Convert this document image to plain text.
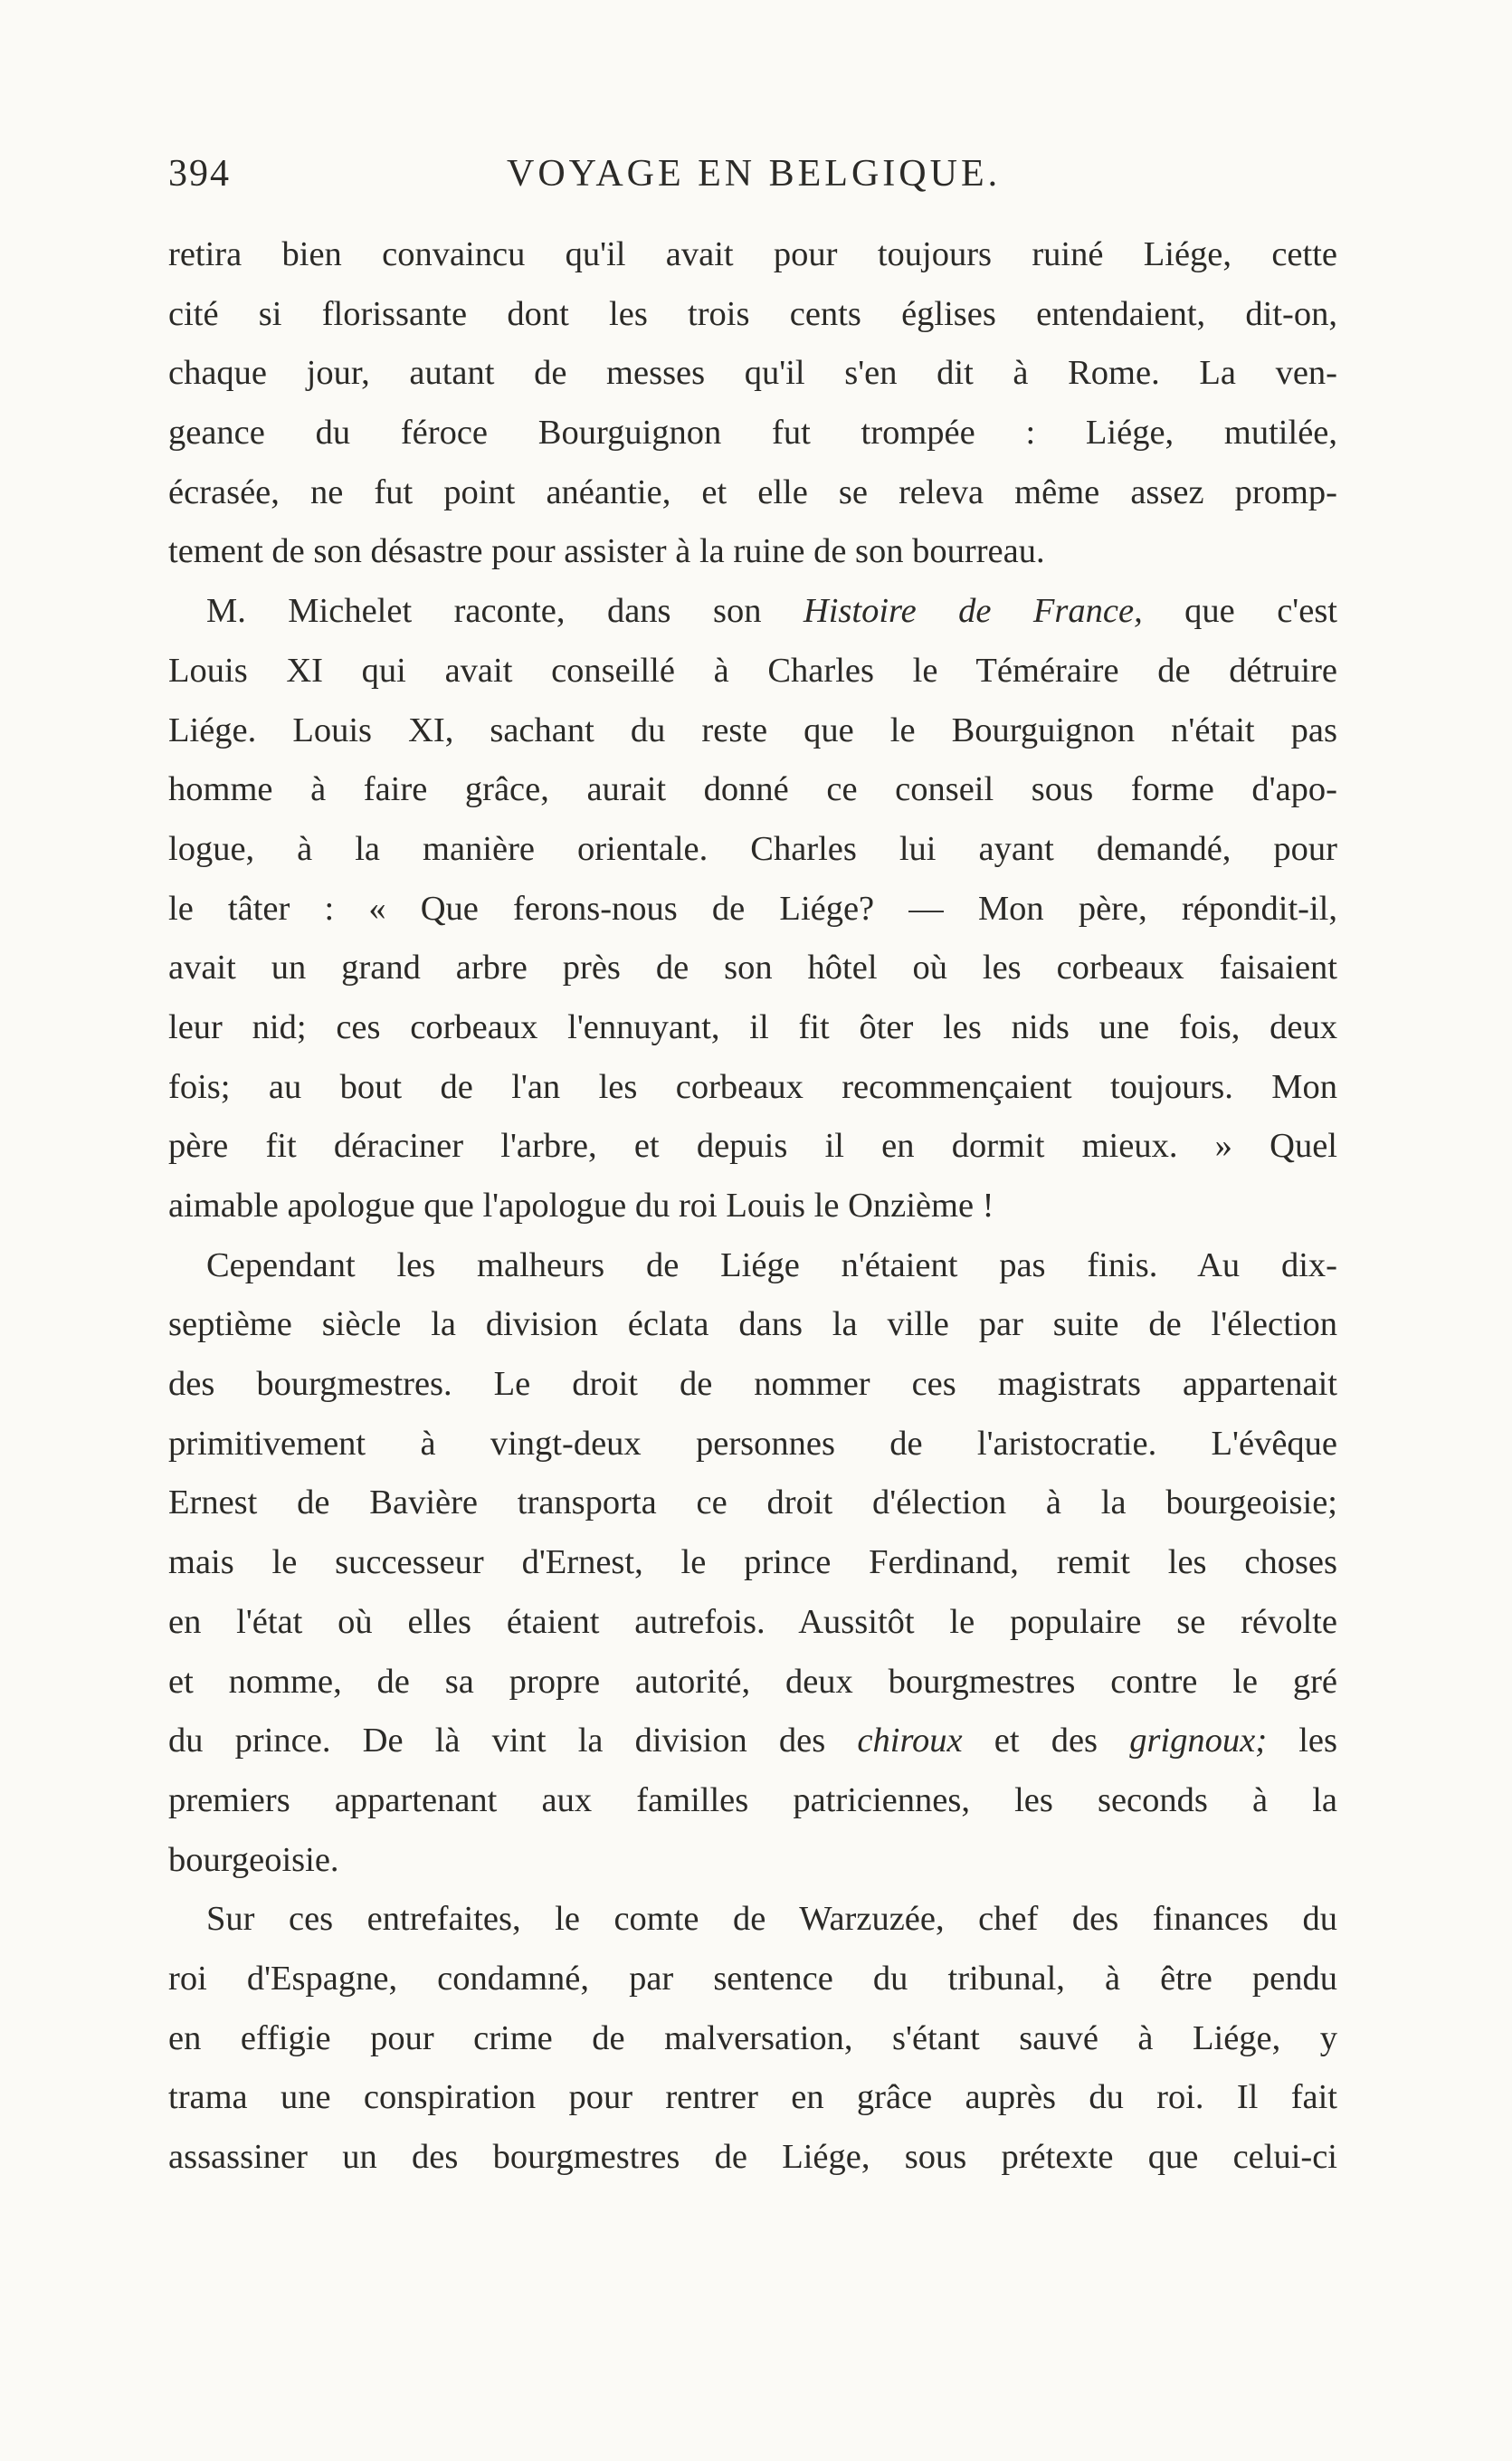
394	VOYAGE EN BELGIQUE.
retira bien convaincu qu'il avait pour toujours ruiné Liége, cette
cité si florissante dont les trois cents églises entendaient, dit-on,
chaque jour, autant de messes qu'il s'en dit à Rome. La ven-
geance du féroce Bourguignon fut trompée : Liége, mutilée,
écrasée, ne fut point anéantie, et elle se releva même assez promp-
tement de son désastre pour assister à la ruine de son bourreau.
M. Michelet raconte, dans son Histoire de France, que c'est
Louis XI qui avait conseillé à Charles le Téméraire de détruire
Liége. Louis XI, sachant du reste que le Bourguignon n'était pas
homme à faire grâce, aurait donné ce conseil sous forme d'apo-
logue, à la manière orientale. Charles lui ayant demandé, pour
le tâter : « Que ferons-nous de Liége? — Mon père, répondit-il,
avait un grand arbre près de son hôtel où les corbeaux faisaient
leur nid; ces corbeaux l'ennuyant, il fit ôter les nids une fois, deux
fois; au bout de l'an les corbeaux recommençaient toujours. Mon
père fit déraciner l'arbre, et depuis il en dormit mieux. » Quel
aimable apologue que l'apologue du roi Louis le Onzième !
Cependant les malheurs de Liége n'étaient pas finis. Au dix-
septième siècle la division éclata dans la ville par suite de l'élection
des bourgmestres. Le droit de nommer ces magistrats appartenait
primitivement à vingt-deux personnes de l'aristocratie. L'évêque
Ernest de Bavière transporta ce droit d'élection à la bourgeoisie;
mais le successeur d'Ernest, le prince Ferdinand, remit les choses
en l'état où elles étaient autrefois. Aussitôt le populaire se révolte
et nomme, de sa propre autorité, deux bourgmestres contre le gré
du prince. De là vint la division des chiroux et des grignoux; les
premiers appartenant aux familles patriciennes, les seconds à la
bourgeoisie.
Sur ces entrefaites, le comte de Warzuzée, chef des finances du
roi d'Espagne, condamné, par sentence du tribunal, à être pendu
en effigie pour crime de malversation, s'étant sauvé à Liége, y
trama une conspiration pour rentrer en grâce auprès du roi. Il fait
assassiner un des bourgmestres de Liége, sous prétexte que celui-ci
